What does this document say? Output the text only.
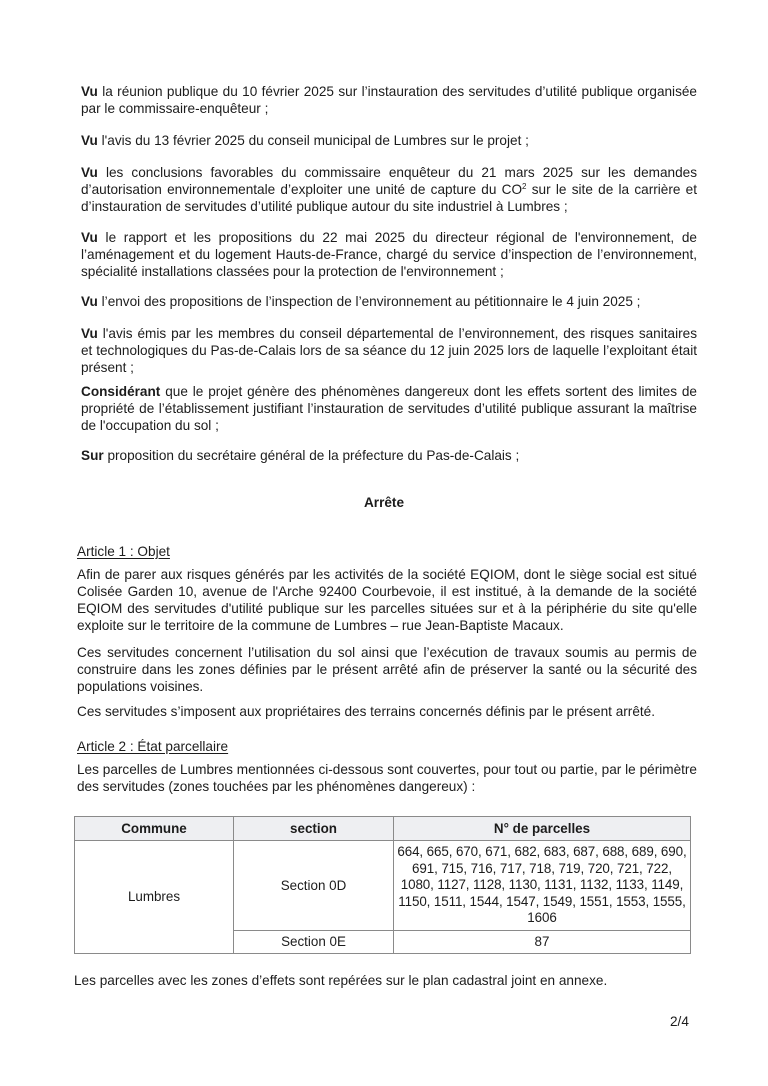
Vu la réunion publique du 10 février 2025 sur l’instauration des servitudes d’utilité publique organisée par le commissaire-enquêteur ;

Vu l'avis du 13 février 2025 du conseil municipal de Lumbres sur le projet ;

Vu les conclusions favorables du commissaire enquêteur du 21 mars 2025 sur les demandes d’autorisation environnementale d’exploiter une unité de capture du $CO^2$ sur le site de la carrière et d’instauration de servitudes d’utilité publique autour du site industriel à Lumbres ;

Vu le rapport et les propositions du 22 mai 2025 du directeur régional de l'environnement, de l’aménagement et du logement Hauts-de-France, chargé du service d’inspection de l’environnement, spécialité installations classées pour la protection de l'environnement ;

Vu l’envoi des propositions de l’inspection de l’environnement au pétitionnaire le 4 juin 2025 ;

Vu l'avis émis par les membres du conseil départemental de l’environnement, des risques sanitaires et technologiques du Pas-de-Calais lors de sa séance du 12 juin 2025 lors de laquelle l’exploitant était présent ;

Considérant que le projet génère des phénomènes dangereux dont les effets sortent des limites de propriété de l’établissement justifiant l’instauration de servitudes d’utilité publique assurant la maîtrise de l'occupation du sol ;

Sur proposition du secrétaire général de la préfecture du Pas-de-Calais ;

Arrête

Article 1 : Objet

Afin de parer aux risques générés par les activités de la société EQIOM, dont le siège social est situé Colisée Garden 10, avenue de l'Arche 92400 Courbevoie, il est institué, à la demande de la société EQIOM des servitudes d'utilité publique sur les parcelles situées sur et à la périphérie du site qu'elle exploite sur le territoire de la commune de Lumbres – rue Jean-Baptiste Macaux.

Ces servitudes concernent l’utilisation du sol ainsi que l’exécution de travaux soumis au permis de construire dans les zones définies par le présent arrêté afin de préserver la santé ou la sécurité des populations voisines.

Ces servitudes s’imposent aux propriétaires des terrains concernés définis par le présent arrêté.

Article 2 : État parcellaire

Les parcelles de Lumbres mentionnées ci-dessous sont couvertes, pour tout ou partie, par le périmètre des servitudes (zones touchées par les phénomènes dangereux) :

Commune	section	N° de parcelles
Lumbres	Section 0D	664, 665, 670, 671, 682, 683, 687, 688, 689, 690, 691, 715, 716, 717, 718, 719, 720, 721, 722, 1080, 1127, 1128, 1130, 1131, 1132, 1133, 1149, 1150, 1511, 1544, 1547, 1549, 1551, 1553, 1555, 1606
	Section 0E	87

Les parcelles avec les zones d’effets sont repérées sur le plan cadastral joint en annexe.

2/4
